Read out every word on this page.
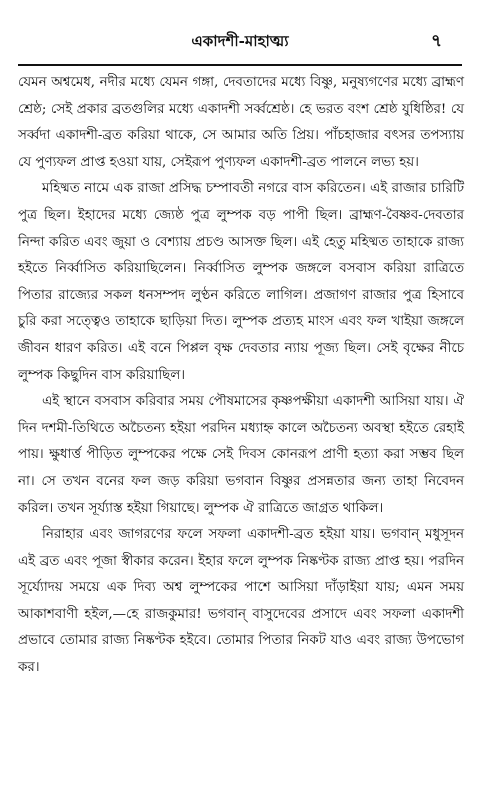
একাদশী-মাহাত্ম্য	৭

যেমন অশ্বমেধ, নদীর মধ্যে যেমন গঙ্গা, দেবতাদের মধ্যে বিষ্ণু, মনুষ্যগণের মধ্যে ব্রাহ্মণ শ্রেষ্ঠ; সেই প্রকার ব্রতগুলির মধ্যে একাদশী সর্ব্বশ্রেষ্ঠ। হে ভরত বংশ শ্রেষ্ঠ যুধিষ্ঠির! যে সর্ব্বদা একাদশী-ব্রত করিয়া থাকে, সে আমার অতি প্রিয়। পাঁচহাজার বৎসর তপস্যায় যে পুণ্যফল প্রাপ্ত হওয়া যায়, সেইরূপ পুণ্যফল একাদশী-ব্রত পালনে লভ্য হয়।

মহিষ্মত নামে এক রাজা প্রসিদ্ধ চম্পাবতী নগরে বাস করিতেন। এই রাজার চারিটি পুত্র ছিল। ইহাদের মধ্যে জ্যেষ্ঠ পুত্র লুম্পক বড় পাপী ছিল। ব্রাহ্মণ-বৈষ্ণব-দেবতার নিন্দা করিত এবং জুয়া ও বেশ্যায় প্রচণ্ড আসক্ত ছিল। এই হেতু মহিষ্মত তাহাকে রাজ্য হইতে নির্ব্বাসিত করিয়াছিলেন। নির্ব্বাসিত লুম্পক জঙ্গলে বসবাস করিয়া রাত্রিতে পিতার রাজ্যের সকল ধনসম্পদ লুণ্ঠন করিতে লাগিল। প্রজাগণ রাজার পুত্র হিসাবে চুরি করা সত্ত্বেও তাহাকে ছাড়িয়া দিত। লুম্পক প্রত্যহ মাংস এবং ফল খাইয়া জঙ্গলে জীবন ধারণ করিত। এই বনে পিপ্পল বৃক্ষ দেবতার ন্যায় পূজ্য ছিল। সেই বৃক্ষের নীচে লুম্পক কিছুদিন বাস করিয়াছিল।

এই স্থানে বসবাস করিবার সময় পৌষমাসের কৃষ্ণপক্ষীয়া একাদশী আসিয়া যায়। ঐ দিন দশমী-তিথিতে অচৈতন্য হইয়া পরদিন মধ্যাহ্ন কালে অচৈতন্য অবস্থা হইতে রেহাই পায়। ক্ষুধার্ত্ত পীড়িত লুম্পকের পক্ষে সেই দিবস কোনরূপ প্রাণী হত্যা করা সম্ভব ছিল না। সে তখন বনের ফল জড় করিয়া ভগবান বিষ্ণুর প্রসন্নতার জন্য তাহা নিবেদন করিল। তখন সূর্য্যাস্ত হইয়া গিয়াছে। লুম্পক ঐ রাত্রিতে জাগ্রত থাকিল।

নিরাহার এবং জাগরণের ফলে সফলা একাদশী-ব্রত হইয়া যায়। ভগবান্ মধুসূদন এই ব্রত এবং পূজা স্বীকার করেন। ইহার ফলে লুম্পক নিষ্কণ্টক রাজ্য প্রাপ্ত হয়। পরদিন সূর্য্যোদয় সময়ে এক দিব্য অশ্ব লুম্পকের পাশে আসিয়া দাঁড়াইয়া যায়; এমন সময় আকাশবাণী হইল,—হে রাজকুমার! ভগবান্ বাসুদেবের প্রসাদে এবং সফলা একাদশী প্রভাবে তোমার রাজ্য নিষ্কণ্টক হইবে। তোমার পিতার নিকট যাও এবং রাজ্য উপভোগ কর।
